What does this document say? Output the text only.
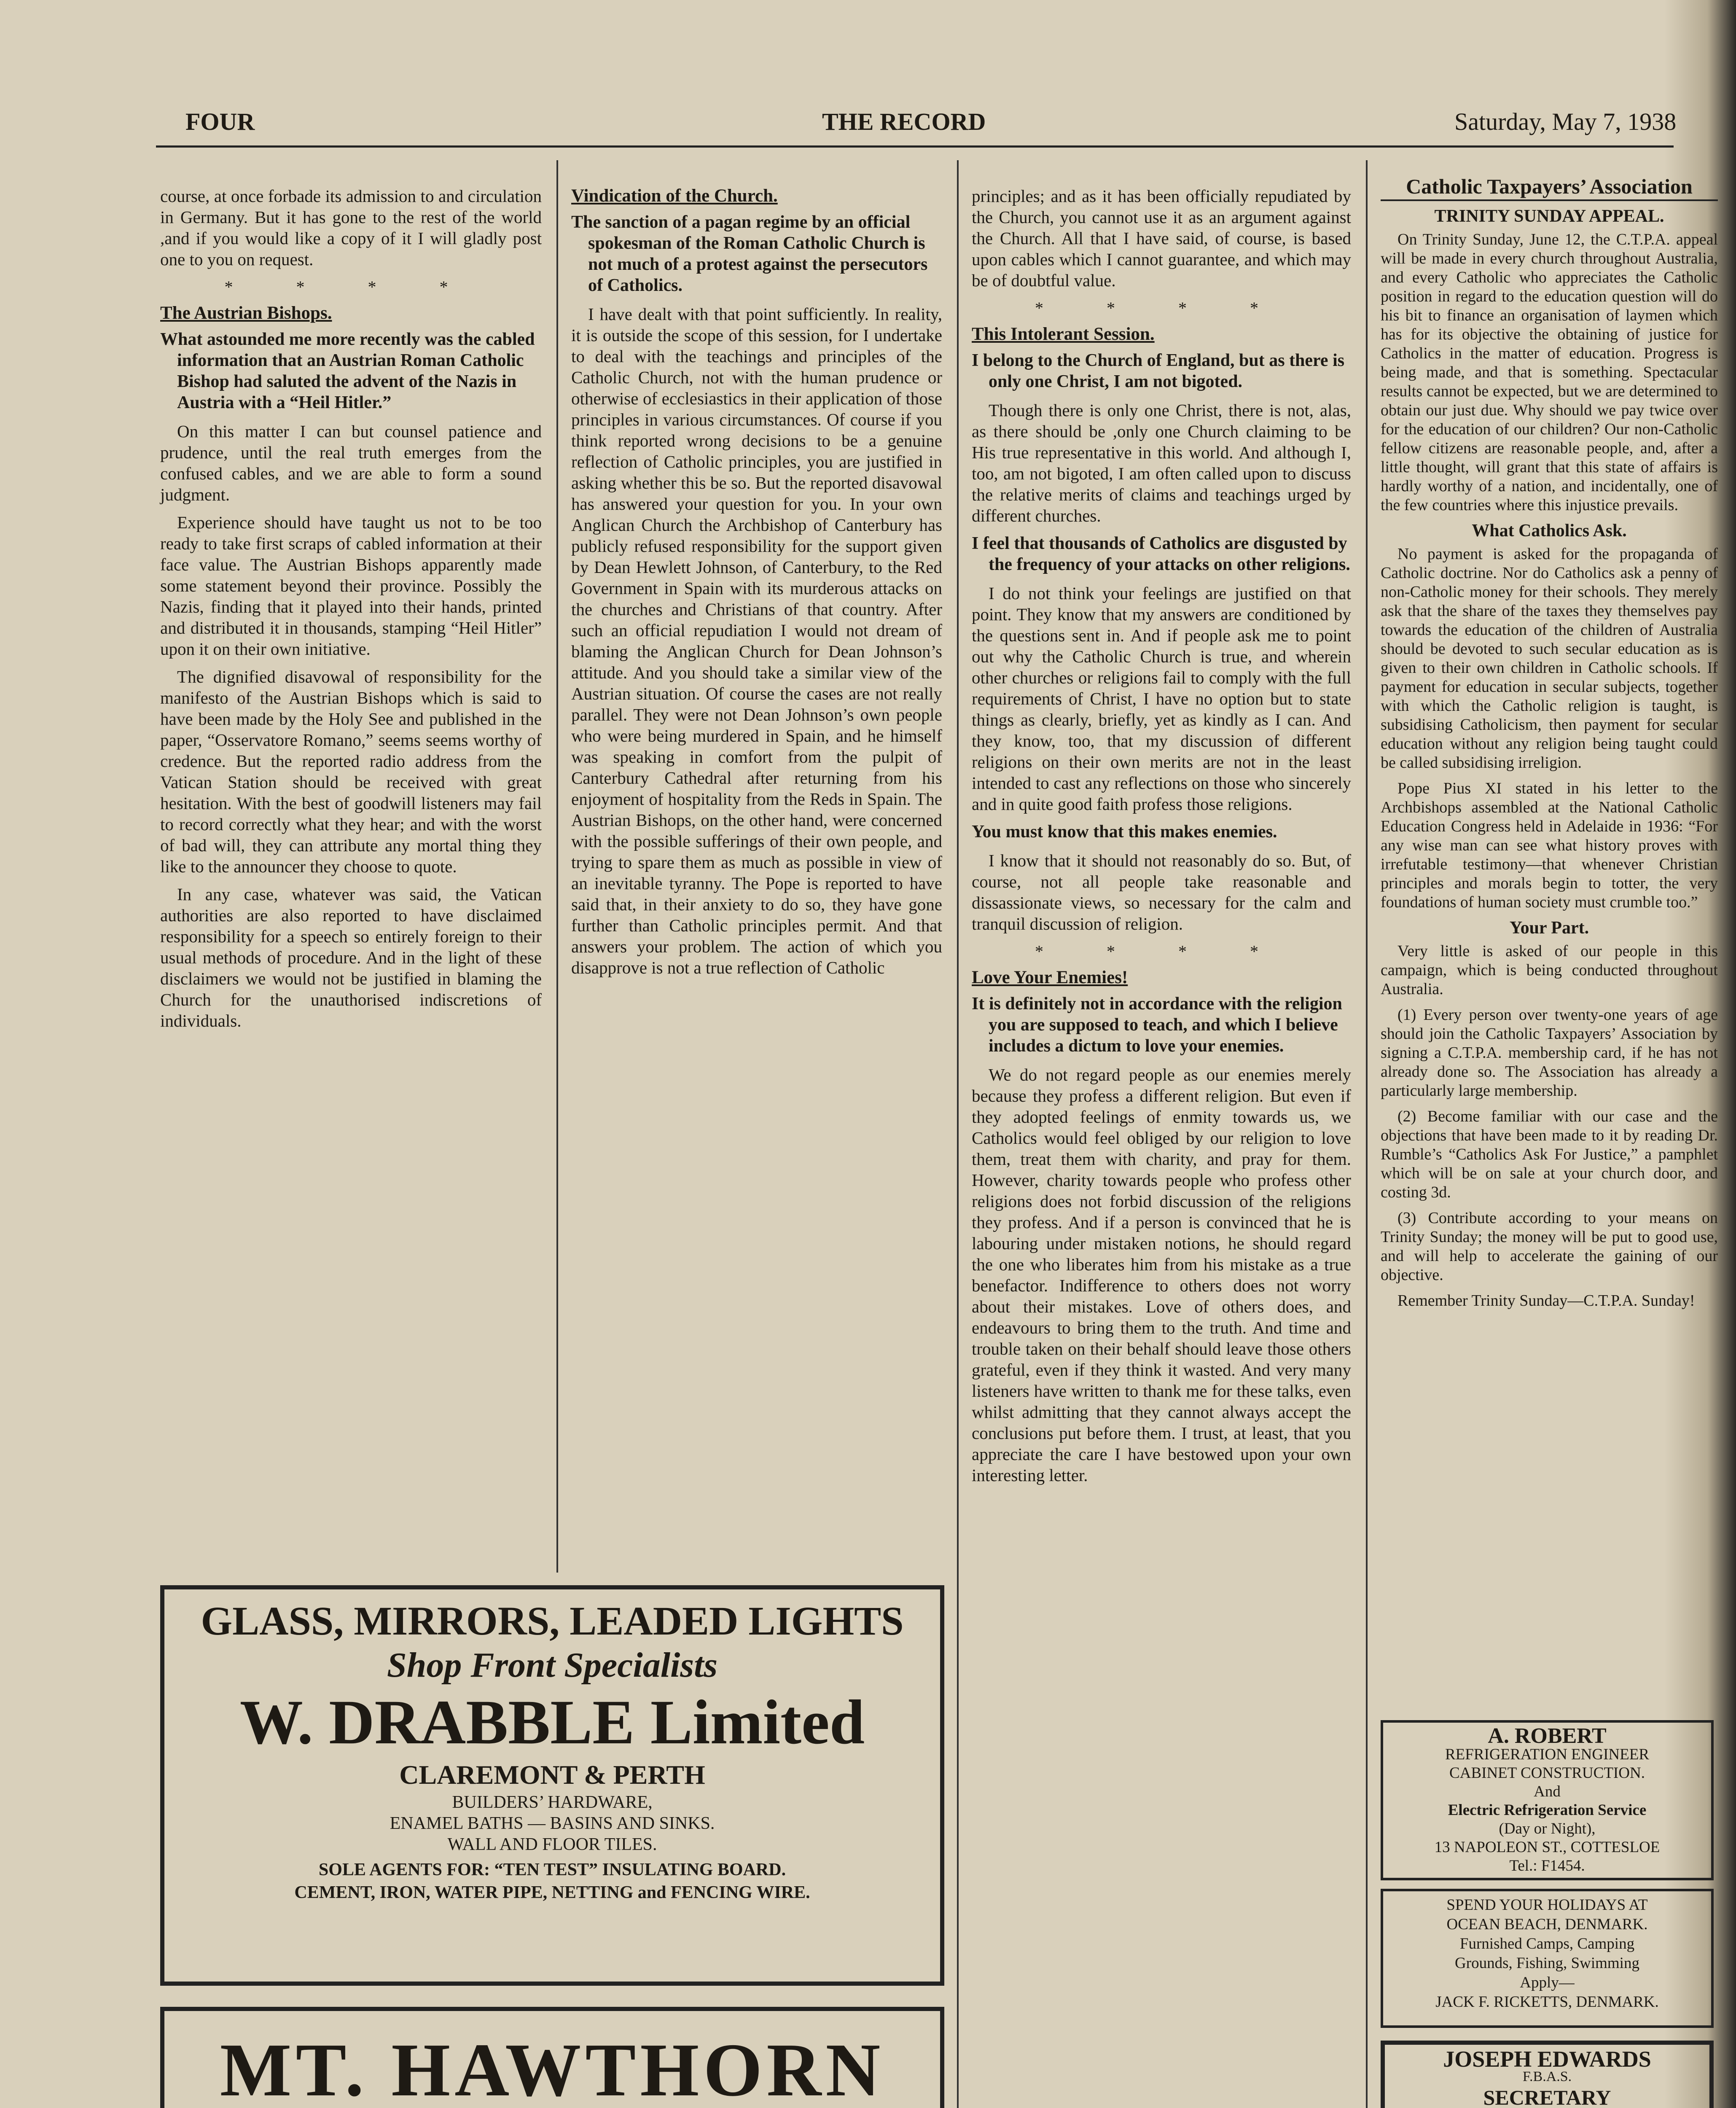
FOUR	THE RECORD	Saturday, May 7, 1938

course, at once forbade its admission to and circulation in Germany. But it has gone to the rest of the world ,and if you would like a copy of it I will gladly post one to you on request.

* * * *
The Austrian Bishops.
What astounded me more recently was the cabled information that an Austrian Roman Catholic Bishop had saluted the advent of the Nazis in Austria with a “Heil Hitler.”

On this matter I can but counsel patience and prudence, until the real truth emerges from the confused cables, and we are able to form a sound judgment.

Experience should have taught us not to be too ready to take first scraps of cabled information at their face value. The Austrian Bishops apparently made some statement beyond their province. Possibly the Nazis, finding that it played into their hands, printed and distributed it in thousands, stamping “Heil Hitler” upon it on their own initiative.

The dignified disavowal of responsibility for the manifesto of the Austrian Bishops which is said to have been made by the Holy See and published in the paper, “Osservatore Romano,” seems seems worthy of credence. But the reported radio address from the Vatican Station should be received with great hesitation. With the best of goodwill listeners may fail to record correctly what they hear; and with the worst of bad will, they can attribute any mortal thing they like to the announcer they choose to quote.

In any case, whatever was said, the Vatican authorities are also reported to have disclaimed responsibility for a speech so entirely foreign to their usual methods of procedure. And in the light of these disclaimers we would not be justified in blaming the Church for the unauthorised indiscretions of individuals.

Vindication of the Church.
The sanction of a pagan regime by an official spokesman of the Roman Catholic Church is not much of a protest against the persecutors of Catholics.

I have dealt with that point sufficiently. In reality, it is outside the scope of this session, for I undertake to deal with the teachings and principles of the Catholic Church, not with the human prudence or otherwise of ecclesiastics in their application of those principles in various circumstances. Of course if you think reported wrong decisions to be a genuine reflection of Catholic principles, you are justified in asking whether this be so. But the reported disavowal has answered your question for you. In your own Anglican Church the Archbishop of Canterbury has publicly refused responsibility for the support given by Dean Hewlett Johnson, of Canterbury, to the Red Government in Spain with its murderous attacks on the churches and Christians of that country. After such an official repudiation I would not dream of blaming the Anglican Church for Dean Johnson’s attitude. And you should take a similar view of the Austrian situation. Of course the cases are not really parallel. They were not Dean Johnson’s own people who were being murdered in Spain, and he himself was speaking in comfort from the pulpit of Canterbury Cathedral after returning from his enjoyment of hospitality from the Reds in Spain. The Austrian Bishops, on the other hand, were concerned with the possible sufferings of their own people, and trying to spare them as much as possible in view of an inevitable tyranny. The Pope is reported to have said that, in their anxiety to do so, they have gone further than Catholic principles permit. And that answers your problem. The action of which you disapprove is not a true reflection of Catholic

principles; and as it has been officially repudiated by the Church, you cannot use it as an argument against the Church. All that I have said, of course, is based upon cables which I cannot guarantee, and which may be of doubtful value.

* * * *
This Intolerant Session.
I belong to the Church of England, but as there is only one Christ, I am not bigoted.

Though there is only one Christ, there is not, alas, as there should be ,only one Church claiming to be His true representative in this world. And although I, too, am not bigoted, I am often called upon to discuss the relative merits of claims and teachings urged by different churches.

I feel that thousands of Catholics are disgusted by the frequency of your attacks on other religions.

I do not think your feelings are justified on that point. They know that my answers are conditioned by the questions sent in. And if people ask me to point out why the Catholic Church is true, and wherein other churches or religions fail to comply with the full requirements of Christ, I have no option but to state things as clearly, briefly, yet as kindly as I can. And they know, too, that my discussion of different religions on their own merits are not in the least intended to cast any reflections on those who sincerely and in quite good faith profess those religions.

You must know that this makes enemies.

I know that it should not reasonably do so. But, of course, not all people take reasonable and dissassionate views, so necessary for the calm and tranquil discussion of religion.

* * * *
Love Your Enemies!
It is definitely not in accordance with the religion you are supposed to teach, and which I believe includes a dictum to love your enemies.

We do not regard people as our enemies merely because they profess a different religion. But even if they adopted feelings of enmity towards us, we Catholics would feel obliged by our religion to love them, treat them with charity, and pray for them. However, charity towards people who profess other religions does not forbid discussion of the religions they profess. And if a person is convinced that he is labouring under mistaken notions, he should regard the one who liberates him from his mistake as a true benefactor. Indifference to others does not worry about their mistakes. Love of others does, and endeavours to bring them to the truth. And time and trouble taken on their behalf should leave those others grateful, even if they think it wasted. And very many listeners have written to thank me for these talks, even whilst admitting that they cannot always accept the conclusions put before them. I trust, at least, that you appreciate the care I have bestowed upon your own interesting letter.

Catholic Taxpayers’ Association
TRINITY SUNDAY APPEAL.

On Trinity Sunday, June 12, the C.T.P.A. appeal will be made in every church throughout Australia, and every Catholic who appreciates the Catholic position in regard to the education question will do his bit to finance an organisation of laymen which has for its objective the obtaining of justice for Catholics in the matter of education. Progress is being made, and that is something. Spectacular results cannot be expected, but we are determined to obtain our just due. Why should we pay twice over for the education of our children? Our non-Catholic fellow citizens are reasonable people, and, after a little thought, will grant that this state of affairs is hardly worthy of a nation, and incidentally, one of the few countries where this injustice prevails.

What Catholics Ask.

No payment is asked for the propaganda of Catholic doctrine. Nor do Catholics ask a penny of non-Catholic money for their schools. They merely ask that the share of the taxes they themselves pay towards the education of the children of Australia should be devoted to such secular education as is given to their own children in Catholic schools. If payment for education in secular subjects, together with which the Catholic religion is taught, is subsidising Catholicism, then payment for secular education without any religion being taught could be called subsidising irreligion.

Pope Pius XI stated in his letter to the Archbishops assembled at the National Catholic Education Congress held in Adelaide in 1936: “For any wise man can see what history proves with irrefutable testimony—that whenever Christian principles and morals begin to totter, the very foundations of human society must crumble too.”

Your Part.

Very little is asked of our people in this campaign, which is being conducted throughout Australia.

(1) Every person over twenty-one years of age should join the Catholic Taxpayers’ Association by signing a C.T.P.A. membership card, if he has not already done so. The Association has already a particularly large membership.

(2) Become familiar with our case and the objections that have been made to it by reading Dr. Rumble’s “Catholics Ask For Justice,” a pamphlet which will be on sale at your church door, and costing 3d.

(3) Contribute according to your means on Trinity Sunday; the money will be put to good use, and will help to accelerate the gaining of our objective.

Remember Trinity Sunday—C.T.P.A. Sunday!

A. ROBERT
REFRIGERATION ENGINEER
CABINET CONSTRUCTION.
And
Electric Refrigeration Service
(Day or Night),
13 NAPOLEON ST., COTTESLOE
Tel.: F1454.
SPEND YOUR HOLIDAYS AT
OCEAN BEACH, DENMARK.
Furnished Camps, Camping
Grounds, Fishing, Swimming
Apply—
JACK F. RICKETTS, DENMARK.
JOSEPH EDWARDS
F.B.A.S.
SECRETARY
GLASS, MIRRORS, LEADED LIGHTS
Shop Front Specialists
W. DRABBLE Limited
CLAREMONT & PERTH
BUILDERS’ HARDWARE,
ENAMEL BATHS — BASINS AND SINKS.
WALL AND FLOOR TILES.
SOLE AGENTS FOR: “TEN TEST” INSULATING BOARD.
CEMENT, IRON, WATER PIPE, NETTING and FENCING WIRE.
MT. HAWTHORN
